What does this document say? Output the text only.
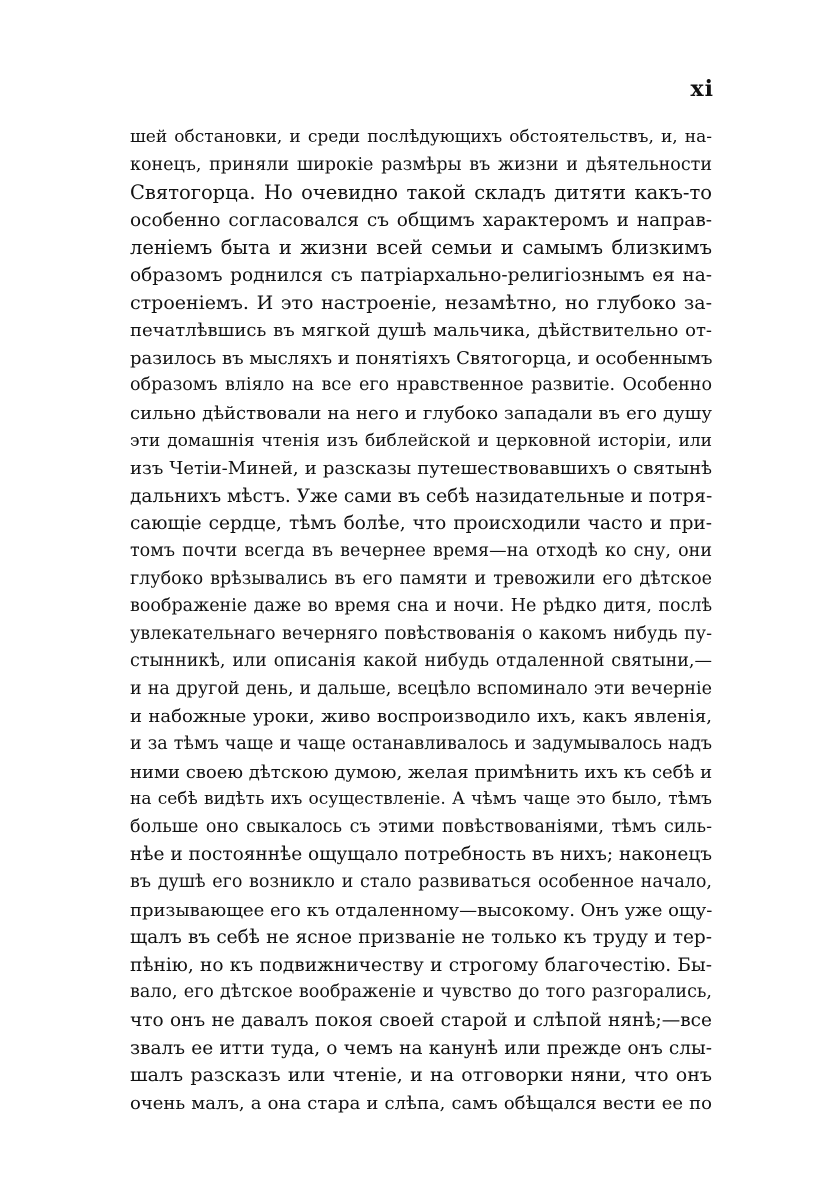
xi
шей обстановки, и среди послѣдующихъ обстоятельствъ, и, на-
конецъ, приняли широкіе размѣры въ жизни и дѣятельности
Святогорца. Но очевидно такой складъ дитяти какъ-то
особенно согласовался съ общимъ характеромъ и направ-
леніемъ быта и жизни всей семьи и самымъ близкимъ
образомъ роднился съ патріархально-религіознымъ ея на-
строеніемъ. И это настроеніе, незамѣтно, но глубоко за-
печатлѣвшись въ мягкой душѣ мальчика, дѣйствительно от-
разилось въ мысляхъ и понятіяхъ Святогорца, и особеннымъ
образомъ вліяло на все его нравственное развитіе. Особенно
сильно дѣйствовали на него и глубоко западали въ его душу
эти домашнія чтенія изъ библейской и церковной исторіи, или
изъ Четіи-Миней, и разсказы путешествовавшихъ о святынѣ
дальнихъ мѣстъ. Уже сами въ себѣ назидательные и потря-
сающіе сердце, тѣмъ болѣе, что происходили часто и при-
томъ почти всегда въ вечернее время—на отходѣ ко сну, они
глубоко врѣзывались въ его памяти и тревожили его дѣтское
воображеніе даже во время сна и ночи. Не рѣдко дитя, послѣ
увлекательнаго вечерняго повѣствованія о какомъ нибудь пу-
стынникѣ, или описанія какой нибудь отдаленной святыни,—
и на другой день, и дальше, всецѣло вспоминало эти вечерніе
и набожные уроки, живо воспроизводило ихъ, какъ явленія,
и за тѣмъ чаще и чаще останавливалось и задумывалось надъ
ними своею дѣтскою думою, желая примѣнить ихъ къ себѣ и
на себѣ видѣть ихъ осуществленіе. А чѣмъ чаще это было, тѣмъ
больше оно свыкалось съ этими повѣствованіями, тѣмъ силь-
нѣе и постояннѣе ощущало потребность въ нихъ; наконецъ
въ душѣ его возникло и стало развиваться особенное начало,
призывающее его къ отдаленному—высокому. Онъ уже ощу-
щалъ въ себѣ не ясное призваніе не только къ труду и тер-
пѣнію, но къ подвижничеству и строгому благочестію. Бы-
вало, его дѣтское воображеніе и чувство до того разгорались,
что онъ не давалъ покоя своей старой и слѣпой нянѣ;—все
звалъ ее итти туда, о чемъ на канунѣ или прежде онъ слы-
шалъ разсказъ или чтеніе, и на отговорки няни, что онъ
очень малъ, а она стара и слѣпа, самъ обѣщался вести ее по
